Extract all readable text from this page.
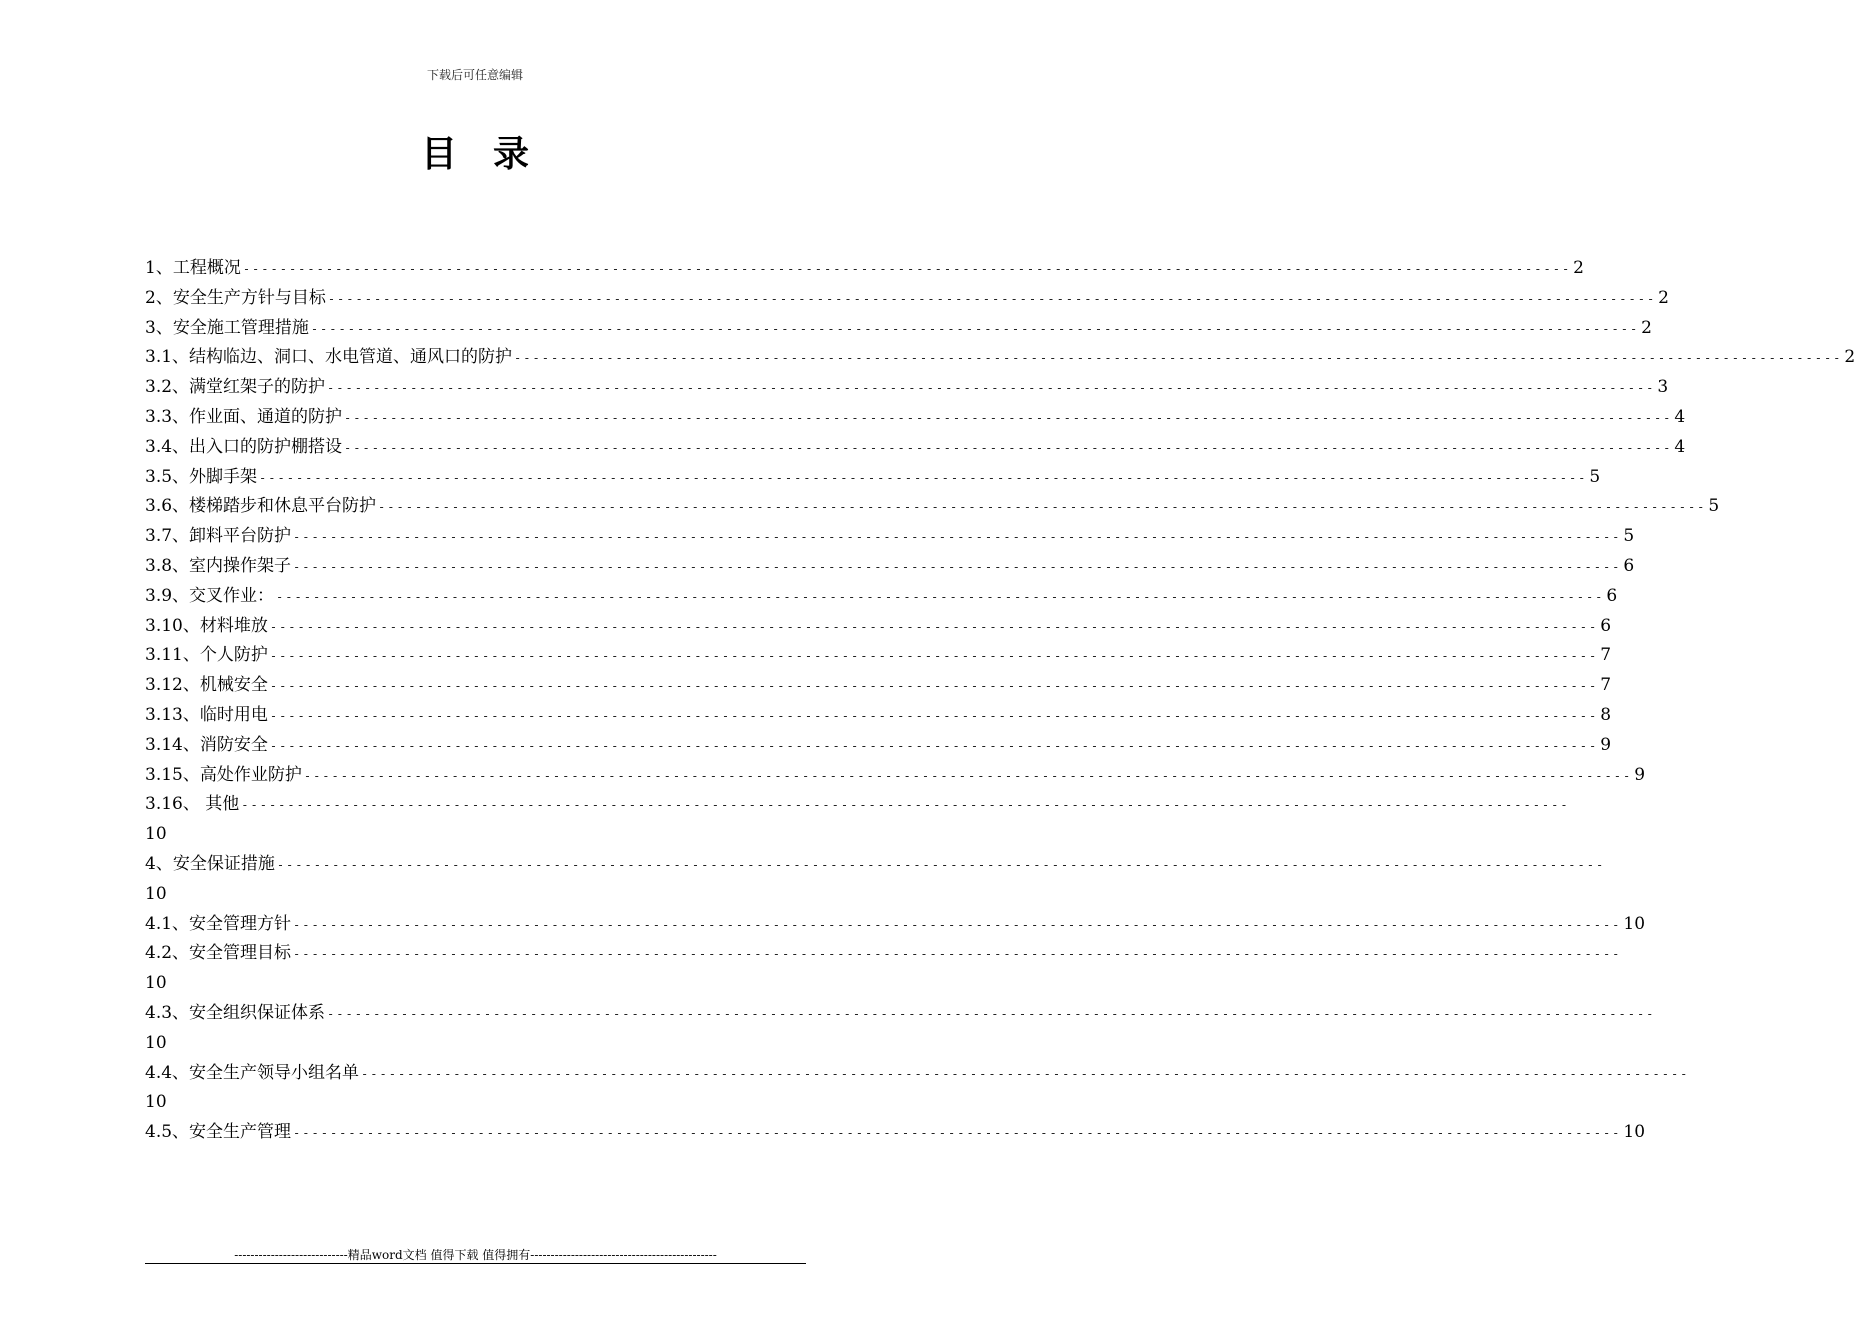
下载后可任意编辑
目 录
1、工程概况 ------------------------------------------------------------------------------------------------------------------------------------------------ 2
2、安全生产方针与目标 ------------------------------------------------------------------------------------------------------------------------------------------------ 2
3、安全施工管理措施 ------------------------------------------------------------------------------------------------------------------------------------------------ 2
3.1、结构临边、洞口、水电管道、通风口的防护 ------------------------------------------------------------------------------------------------------------------------------------------------ 2
3.2、满堂红架子的防护 ------------------------------------------------------------------------------------------------------------------------------------------------ 3
3.3、作业面、通道的防护 ------------------------------------------------------------------------------------------------------------------------------------------------ 4
3.4、出入口的防护棚搭设 ------------------------------------------------------------------------------------------------------------------------------------------------ 4
3.5、外脚手架 ------------------------------------------------------------------------------------------------------------------------------------------------ 5
3.6、楼梯踏步和休息平台防护 ------------------------------------------------------------------------------------------------------------------------------------------------ 5
3.7、卸料平台防护 ------------------------------------------------------------------------------------------------------------------------------------------------ 5
3.8、室内操作架子 ------------------------------------------------------------------------------------------------------------------------------------------------ 6
3.9、交叉作业： ------------------------------------------------------------------------------------------------------------------------------------------------ 6
3.10、材料堆放 ------------------------------------------------------------------------------------------------------------------------------------------------ 6
3.11、个人防护 ------------------------------------------------------------------------------------------------------------------------------------------------ 7
3.12、机械安全 ------------------------------------------------------------------------------------------------------------------------------------------------ 7
3.13、临时用电 ------------------------------------------------------------------------------------------------------------------------------------------------ 8
3.14、消防安全 ------------------------------------------------------------------------------------------------------------------------------------------------ 9
3.15、高处作业防护 ------------------------------------------------------------------------------------------------------------------------------------------------ 9
3.16、 其他 ------------------------------------------------------------------------------------------------------------------------------------------------
10
4、安全保证措施 ------------------------------------------------------------------------------------------------------------------------------------------------
10
4.1、安全管理方针 ------------------------------------------------------------------------------------------------------------------------------------------------ 10
4.2、安全管理目标 ------------------------------------------------------------------------------------------------------------------------------------------------
10
4.3、安全组织保证体系 ------------------------------------------------------------------------------------------------------------------------------------------------
10
4.4、安全生产领导小组名单 ------------------------------------------------------------------------------------------------------------------------------------------------
10
4.5、安全生产管理 ------------------------------------------------------------------------------------------------------------------------------------------------ 10
----------------------------精品word文档 值得下载 值得拥有----------------------------------------------
